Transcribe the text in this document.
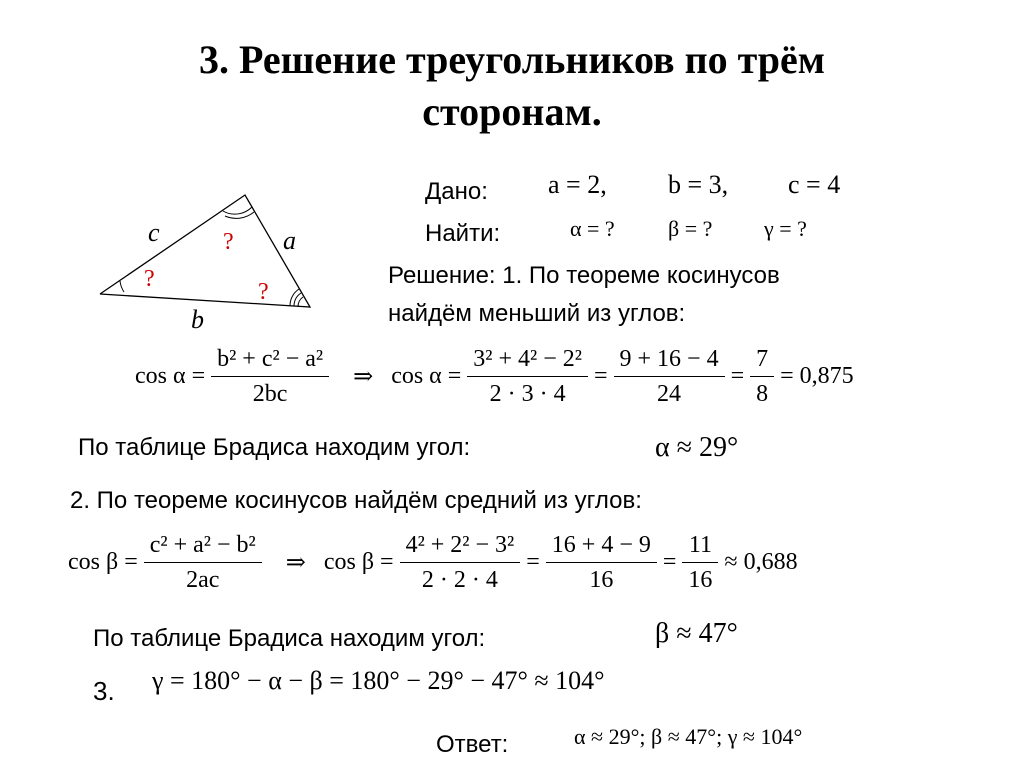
3. Решение треугольников по трём
сторонам.
c	a
b
?
?	?
Дано: a = 2, b = 3, c = 4
Найти:	α = ? β = ? γ = ?
Решение: 1. По теореме косинусов
найдём меньший из углов:
$\cos \alpha = \frac{\text{b² + c² − a²}}{2bc}$ ⇒ $\cos \alpha = \frac{\text{3² + 4² − 2²}}{2 \cdot 3 \cdot 4} = \frac{9 + 16 - 4}{24} = \frac{7}{8} = 0,875$
По таблице Брадиса находим угол:	α ≈ 29°
2. По теореме косинусов найдём средний из углов:
$\cos \beta = \frac{\text{c² + a² − b²}}{2ac}$ ⇒ $\cos \beta = \frac{\text{4² + 2² − 3²}}{2 \cdot 2 \cdot 4} = \frac{16 + 4 - 9}{16} = \frac{11}{16} \approx 0,688$
По таблице Брадиса находим угол:	β ≈ 47°
3. γ = 180° − α − β = 180° − 29° − 47° ≈ 104°
Ответ:	α ≈ 29°; β ≈ 47°; γ ≈ 104°
